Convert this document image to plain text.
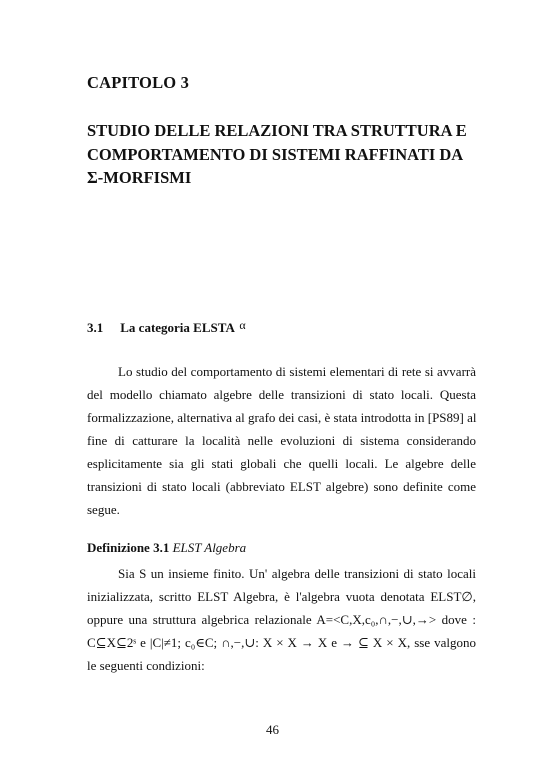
CAPITOLO 3
STUDIO DELLE RELAZIONI TRA STRUTTURA E
COMPORTAMENTO DI SISTEMI RAFFINATI DA
Σ-MORFISMI
3.1 La categoria ELSTA α
Lo studio del comportamento di sistemi elementari di rete si avvarrà
del modello chiamato algebre delle transizioni di stato locali. Questa
formalizzazione, alternativa al grafo dei casi, è stata introdotta in [PS89] al
fine di catturare la località nelle evoluzioni di sistema considerando
esplicitamente sia gli stati globali che quelli locali. Le algebre delle
transizioni di stato locali (abbreviato ELST algebre) sono definite come
segue.
Definizione 3.1 ELST Algebra
Sia S un insieme finito. Un' algebra delle transizioni di stato locali
inizializzata, scritto ELST Algebra, è l'algebra vuota denotata ELST∅,
oppure una struttura algebrica relazionale A=<C,X,c₀,∩,−,∪,→> dove :
C⊆X⊆2ˢ e |C|≠1; c₀∈C; ∩,−,∪: X × X → X e → ⊆ X × X, sse valgono
le seguenti condizioni:
46
